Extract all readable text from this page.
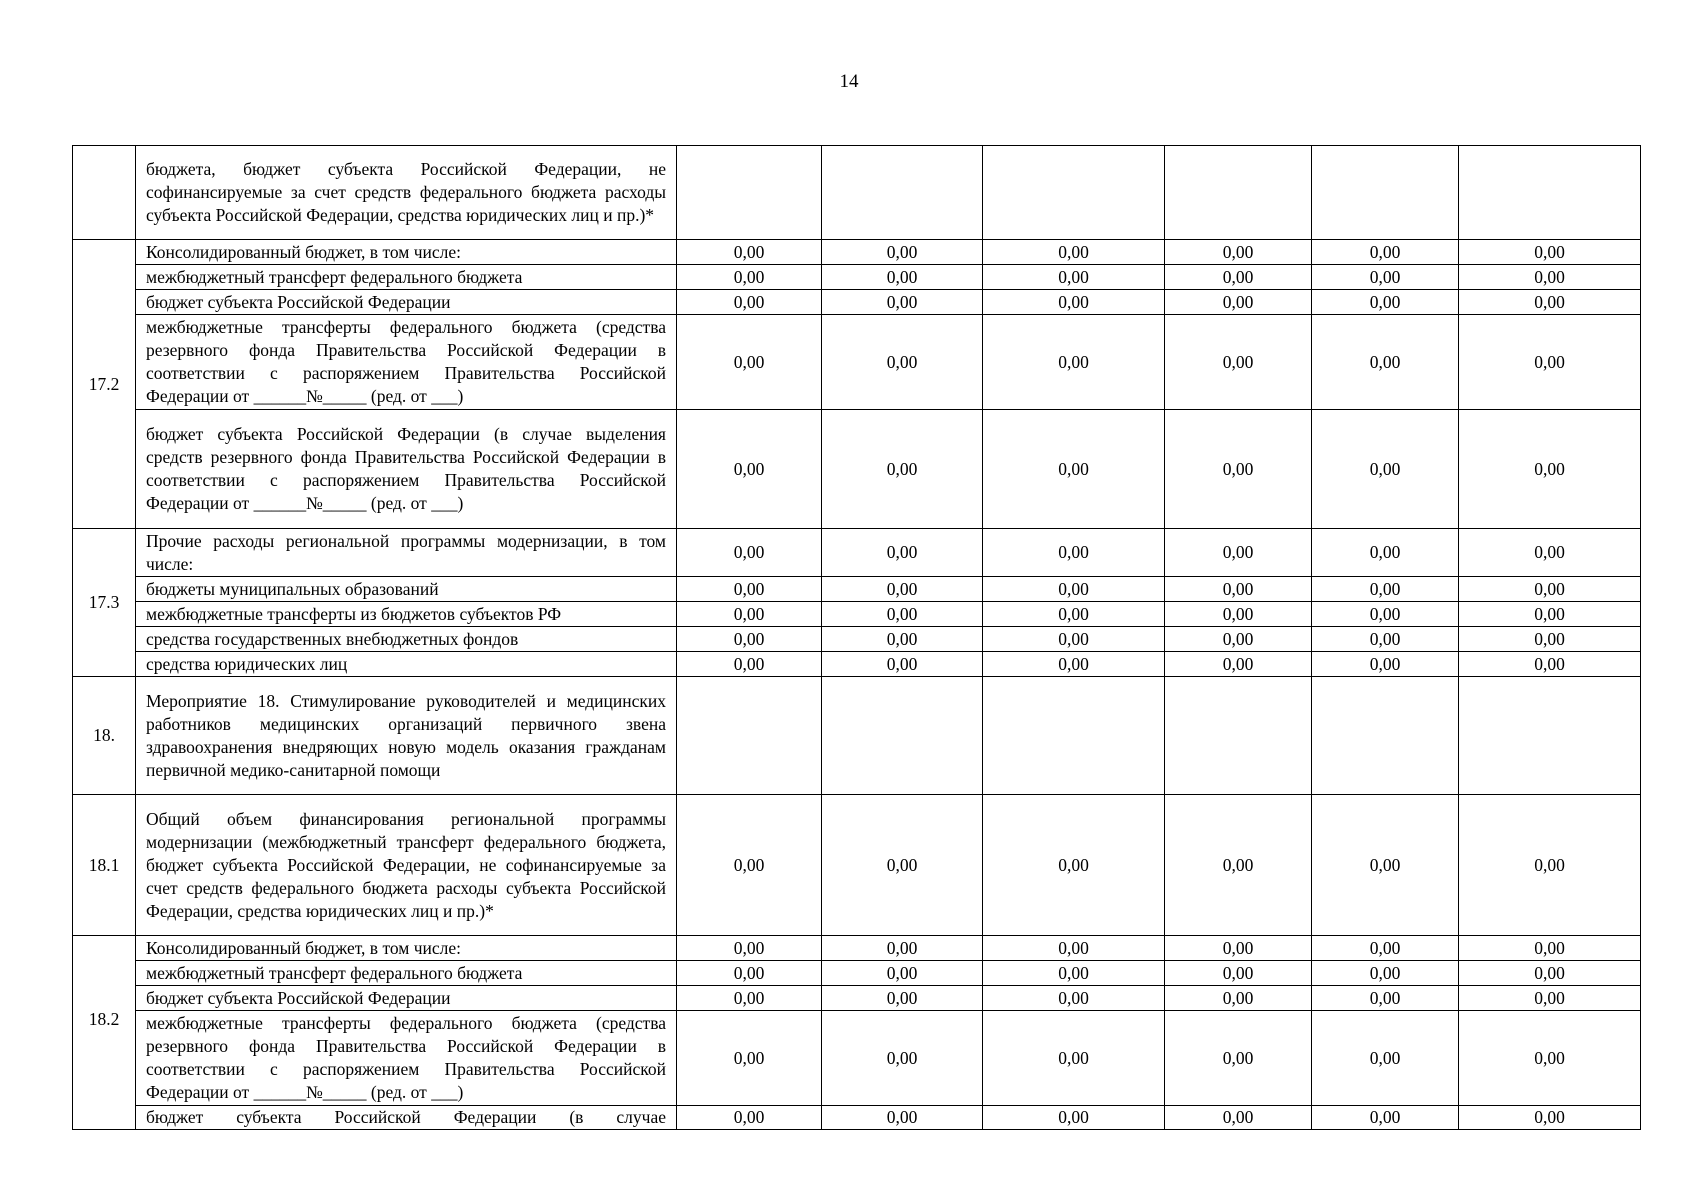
14
	бюджета, бюджет субъекта Российской Федерации, не софинансируемые за счет средств федерального бюджета расходы субъекта Российской Федерации, средства юридических лиц и пр.)*						
17.2	Консолидированный бюджет, в том числе:	0,00	0,00	0,00	0,00	0,00	0,00
	межбюджетный трансферт федерального бюджета	0,00	0,00	0,00	0,00	0,00	0,00
	бюджет субъекта Российской Федерации	0,00	0,00	0,00	0,00	0,00	0,00
	межбюджетные трансферты федерального бюджета (средства резервного фонда Правительства Российской Федерации в соответствии с распоряжением Правительства Российской Федерации от ______№_____ (ред. от ___)	0,00	0,00	0,00	0,00	0,00	0,00
	бюджет субъекта Российской Федерации (в случае выделения средств резервного фонда Правительства Российской Федерации в соответствии с распоряжением Правительства Российской Федерации от ______№_____ (ред. от ___)	0,00	0,00	0,00	0,00	0,00	0,00
17.3	Прочие расходы региональной программы модернизации, в том числе:	0,00	0,00	0,00	0,00	0,00	0,00
	бюджеты муниципальных образований	0,00	0,00	0,00	0,00	0,00	0,00
	межбюджетные трансферты из бюджетов субъектов РФ	0,00	0,00	0,00	0,00	0,00	0,00
	средства государственных внебюджетных фондов	0,00	0,00	0,00	0,00	0,00	0,00
	средства юридических лиц	0,00	0,00	0,00	0,00	0,00	0,00
18.	Мероприятие 18. Стимулирование руководителей и медицинских работников медицинских организаций первичного звена здравоохранения внедряющих новую модель оказания гражданам первичной медико-санитарной помощи						
18.1	Общий объем финансирования региональной программы модернизации (межбюджетный трансферт федерального бюджета, бюджет субъекта Российской Федерации, не софинансируемые за счет средств федерального бюджета расходы субъекта Российской Федерации, средства юридических лиц и пр.)*	0,00	0,00	0,00	0,00	0,00	0,00
18.2	Консолидированный бюджет, в том числе:	0,00	0,00	0,00	0,00	0,00	0,00
	межбюджетный трансферт федерального бюджета	0,00	0,00	0,00	0,00	0,00	0,00
	бюджет субъекта Российской Федерации	0,00	0,00	0,00	0,00	0,00	0,00
	межбюджетные трансферты федерального бюджета (средства резервного фонда Правительства Российской Федерации в соответствии с распоряжением Правительства Российской Федерации от ______№_____ (ред. от ___)	0,00	0,00	0,00	0,00	0,00	0,00
	бюджет субъекта Российской Федерации (в случае	0,00	0,00	0,00	0,00	0,00	0,00
